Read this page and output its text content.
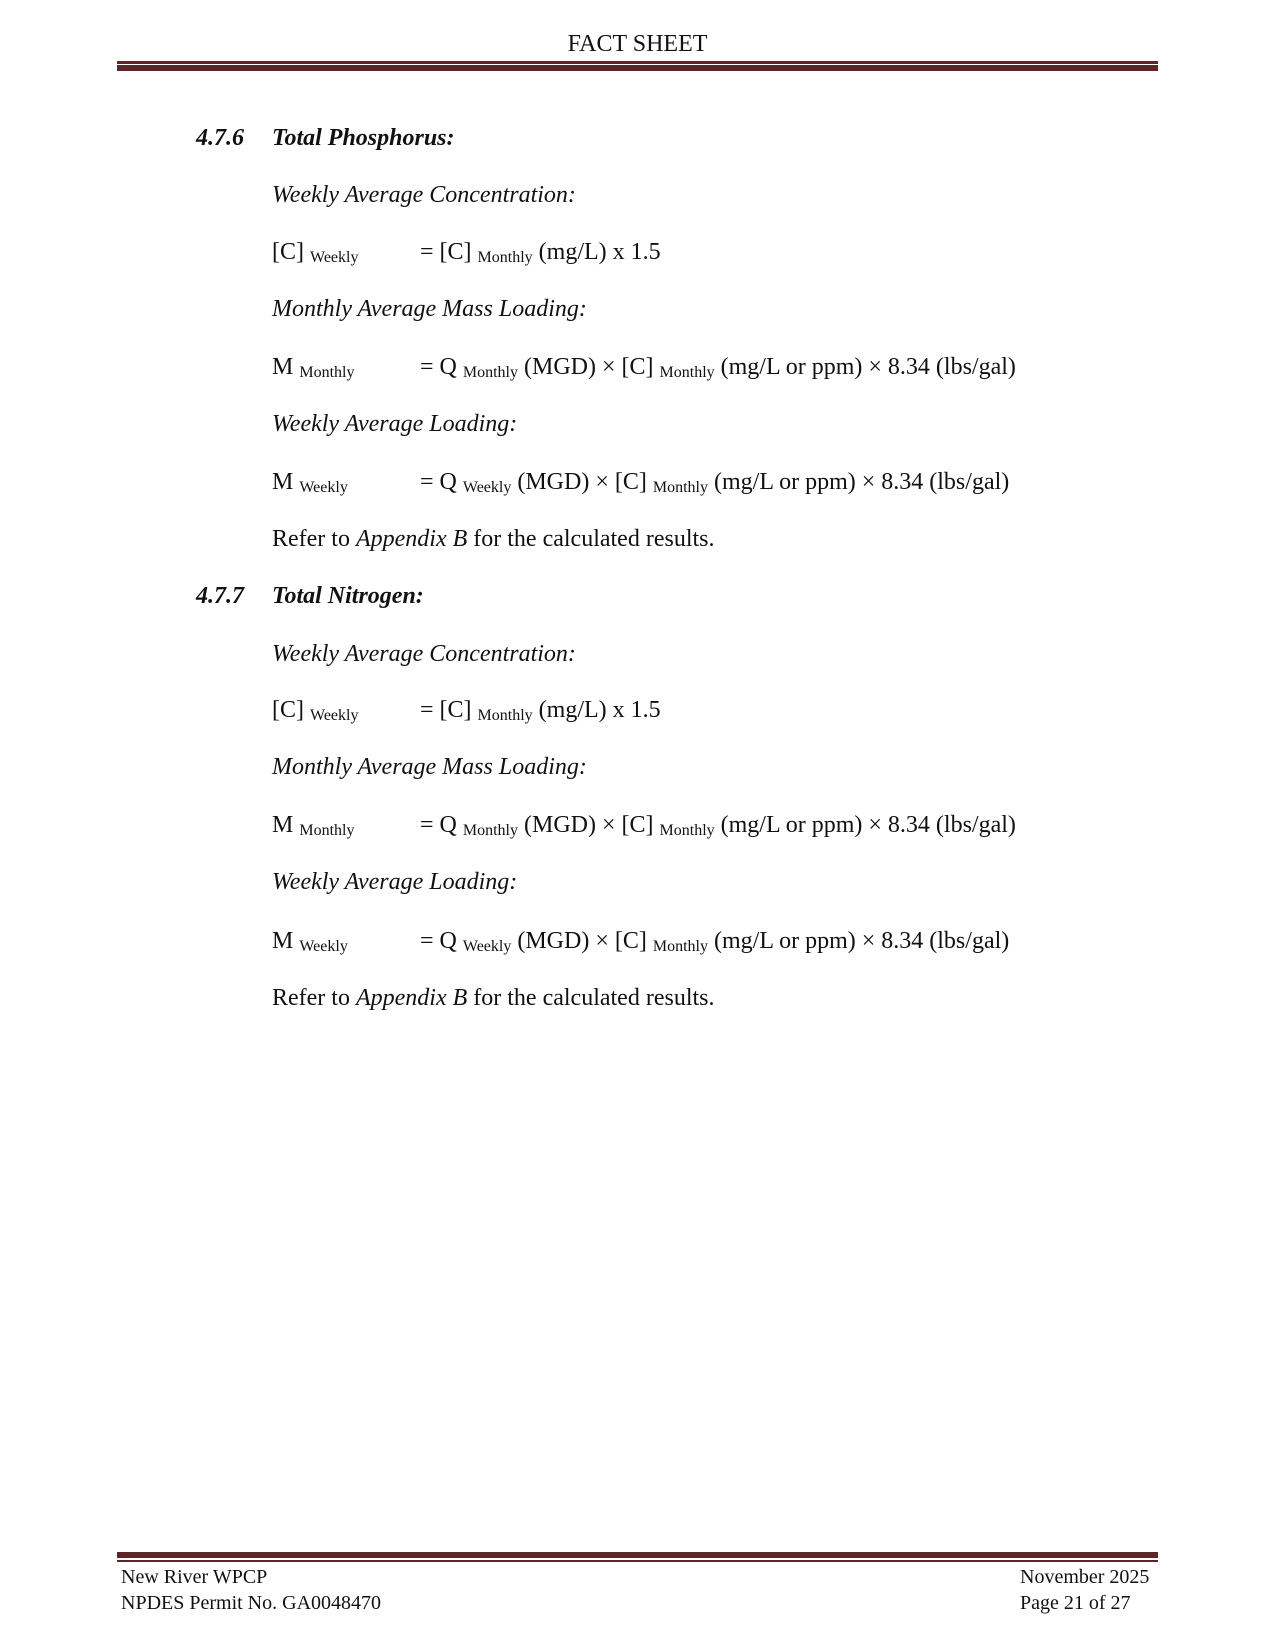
FACT SHEET
4.7.6 Total Phosphorus:
Weekly Average Concentration:
[C] $_{Weekly}$	= [C] $_{Monthly}$ (mg/L) x 1.5
Monthly Average Mass Loading:
M $_{Monthly}$	= Q $_{Monthly}$ (MGD) × [C] $_{Monthly}$ (mg/L or ppm) × 8.34 (lbs/gal)
Weekly Average Loading:
M $_{Weekly}$	= Q $_{Weekly}$ (MGD) × [C] $_{Monthly}$ (mg/L or ppm) × 8.34 (lbs/gal)
Refer to Appendix B for the calculated results.
4.7.7 Total Nitrogen:
Weekly Average Concentration:
[C] $_{Weekly}$	= [C] $_{Monthly}$ (mg/L) x 1.5
Monthly Average Mass Loading:
M $_{Monthly}$	= Q $_{Monthly}$ (MGD) × [C] $_{Monthly}$ (mg/L or ppm) × 8.34 (lbs/gal)
Weekly Average Loading:
M $_{Weekly}$	= Q $_{Weekly}$ (MGD) × [C] $_{Monthly}$ (mg/L or ppm) × 8.34 (lbs/gal)
Refer to Appendix B for the calculated results.
New River WPCP
NPDES Permit No. GA0048470
November 2025
Page 21 of 27
